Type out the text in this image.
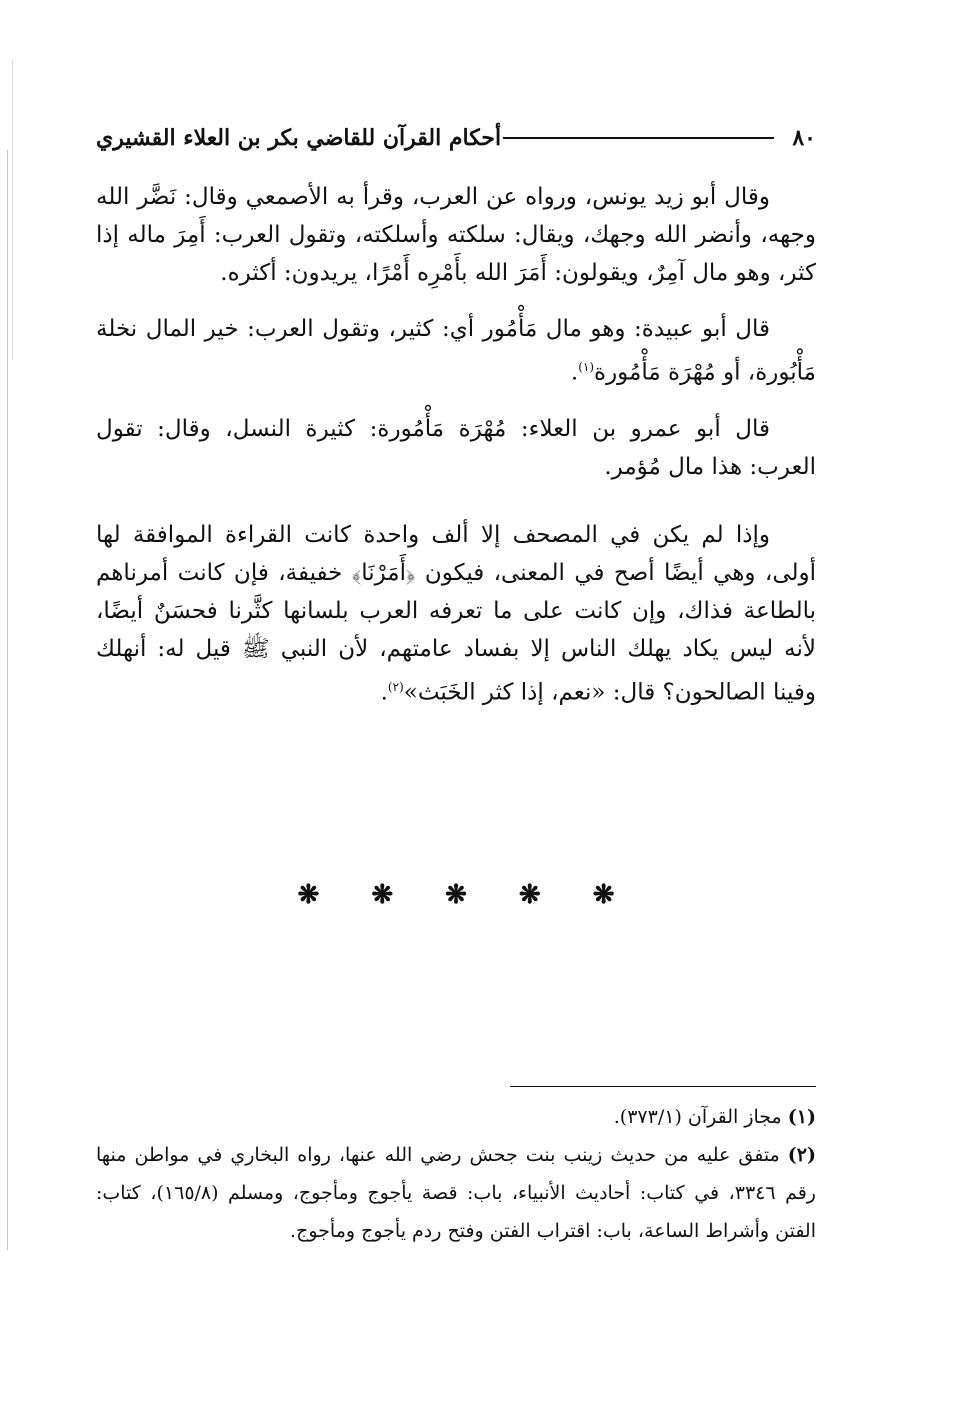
٨٠
أحكام القرآن للقاضي بكر بن العلاء القشيري

وقال أبو زيد يونس، ورواه عن العرب، وقرأ به الأصمعي وقال: نَضَّر الله وجهه، وأنضر الله وجهك، ويقال: سلكته وأسلكته، وتقول العرب: أَمِرَ ماله إذا كثر، وهو مال آمِرٌ، ويقولون: أَمَرَ الله بأَمْرِه أَمْرًا، يريدون: أكثره.

قال أبو عبيدة: وهو مال مَأْمُور أي: كثير، وتقول العرب: خير المال نخلة مَأْبُورة، أو مُهْرَة مَأْمُورة$^{(١)}$.

قال أبو عمرو بن العلاء: مُهْرَة مَأْمُورة: كثيرة النسل، وقال: تقول العرب: هذا مال مُؤمر.

وإذا لم يكن في المصحف إلا ألف واحدة كانت القراءة الموافقة لها أولى، وهي أيضًا أصح في المعنى، فيكون ﴿أَمَرْنَا﴾ خفيفة، فإن كانت أمرناهم بالطاعة فذاك، وإن كانت على ما تعرفه العرب بلسانها كثَّرنا فحسَنٌ أيضًا، لأنه ليس يكاد يهلك الناس إلا بفساد عامتهم، لأن النبي ﷺ قيل له: أنهلك وفينا الصالحون؟ قال: «نعم، إذا كثر الخَبَث»$^{(٢)}$.

❋
❋
❋
❋
❋

(١) مجاز القرآن (٣٧٣/١).

(٢) متفق عليه من حديث زينب بنت جحش رضي الله عنها، رواه البخاري في مواطن منها رقم ٣٣٤٦، في كتاب: أحاديث الأنبياء، باب: قصة يأجوج ومأجوج، ومسلم (١٦٥/٨)، كتاب: الفتن وأشراط الساعة، باب: اقتراب الفتن وفتح ردم يأجوج ومأجوج.
